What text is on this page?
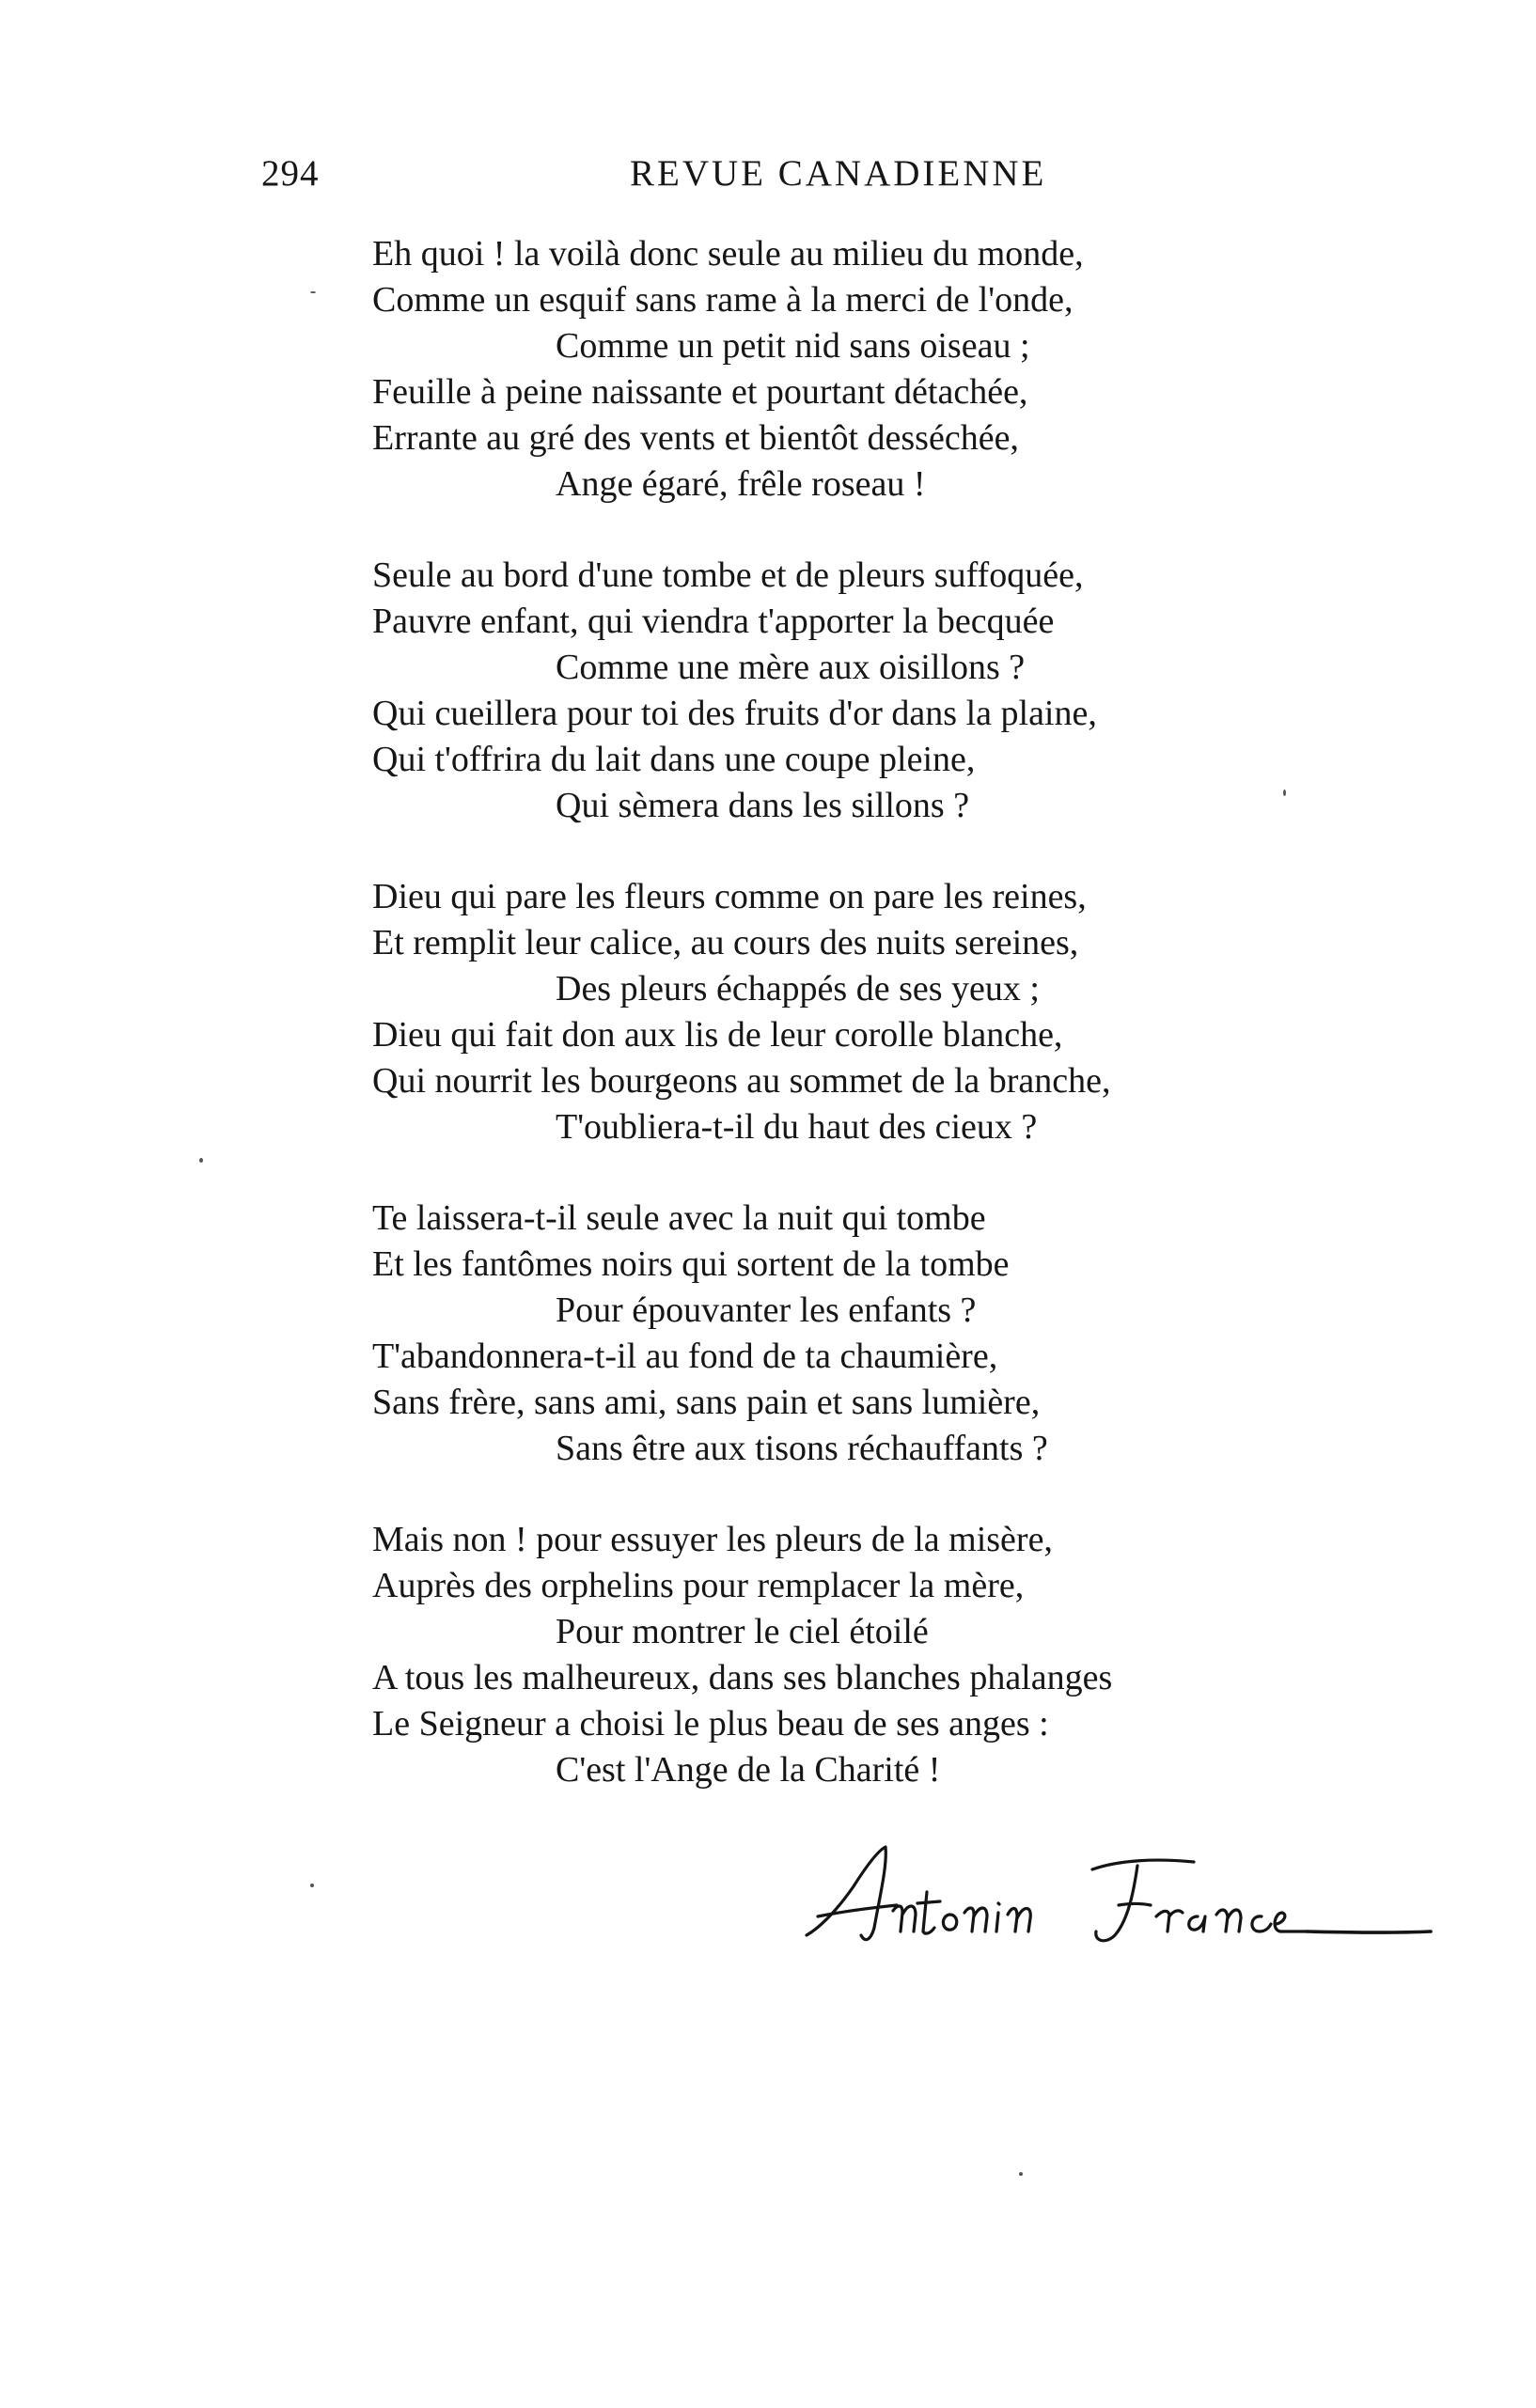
294	REVUE CANADIENNE
Eh quoi ! la voilà donc seule au milieu du monde,
Comme un esquif sans rame à la merci de l'onde,
Comme un petit nid sans oiseau ;
Feuille à peine naissante et pourtant détachée,
Errante au gré des vents et bientôt desséchée,
Ange égaré, frêle roseau !
Seule au bord d'une tombe et de pleurs suffoquée,
Pauvre enfant, qui viendra t'apporter la becquée
Comme une mère aux oisillons ?
Qui cueillera pour toi des fruits d'or dans la plaine,
Qui t'offrira du lait dans une coupe pleine,
Qui sèmera dans les sillons ?
Dieu qui pare les fleurs comme on pare les reines,
Et remplit leur calice, au cours des nuits sereines,
Des pleurs échappés de ses yeux ;
Dieu qui fait don aux lis de leur corolle blanche,
Qui nourrit les bourgeons au sommet de la branche,
T'oubliera-t-il du haut des cieux ?
Te laissera-t-il seule avec la nuit qui tombe
Et les fantômes noirs qui sortent de la tombe
Pour épouvanter les enfants ?
T'abandonnera-t-il au fond de ta chaumière,
Sans frère, sans ami, sans pain et sans lumière,
Sans être aux tisons réchauffants ?
Mais non ! pour essuyer les pleurs de la misère,
Auprès des orphelins pour remplacer la mère,
Pour montrer le ciel étoilé
A tous les malheureux, dans ses blanches phalanges
Le Seigneur a choisi le plus beau de ses anges :
C'est l'Ange de la Charité !
